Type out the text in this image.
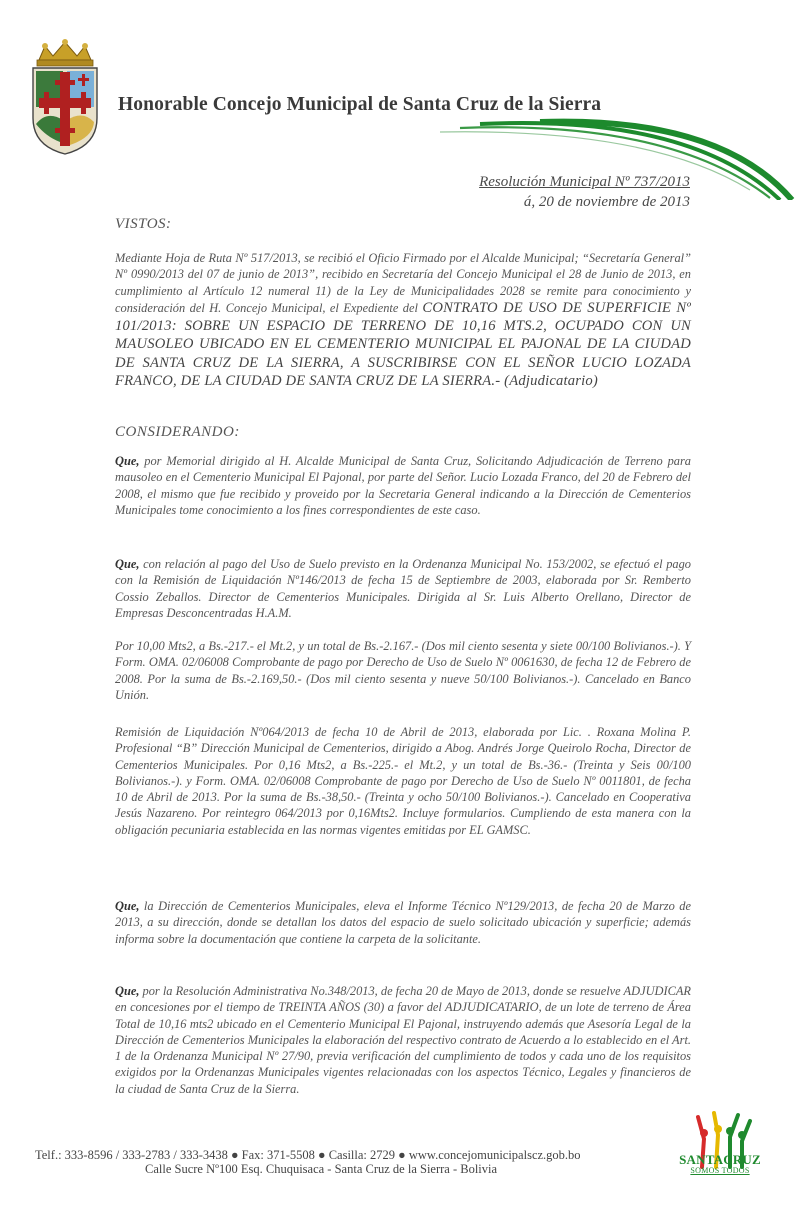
Honorable Concejo Municipal de Santa Cruz de la Sierra
Resolución Municipal Nº 737/2013
á, 20 de noviembre de 2013
VISTOS:
Mediante Hoja de Ruta Nº 517/2013, se recibió el Oficio Firmado por el Alcalde Municipal; “Secretaría General” Nº 0990/2013 del 07 de junio de 2013”, recibido en Secretaría del Concejo Municipal el 28 de Junio de 2013, en cumplimiento al Artículo 12 numeral 11) de la Ley de Municipalidades 2028 se remite para conocimiento y consideración del H. Concejo Municipal, el Expediente del CONTRATO DE USO DE SUPERFICIE Nº 101/2013: SOBRE UN ESPACIO DE TERRENO DE 10,16 MTS.2, OCUPADO CON UN MAUSOLEO UBICADO EN EL CEMENTERIO MUNICIPAL EL PAJONAL DE LA CIUDAD DE SANTA CRUZ DE LA SIERRA, A SUSCRIBIRSE CON EL SEÑOR LUCIO LOZADA FRANCO, DE LA CIUDAD DE SANTA CRUZ DE LA SIERRA.- (Adjudicatario)
CONSIDERANDO:
Que, por Memorial dirigido al H. Alcalde Municipal de Santa Cruz, Solicitando Adjudicación de Terreno para mausoleo en el Cementerio Municipal El Pajonal, por parte del Señor. Lucio Lozada Franco, del 20 de Febrero del 2008, el mismo que fue recibido y proveido por la Secretaria General indicando a la Dirección de Cementerios Municipales tome conocimiento a los fines correspondientes de este caso.
Que, con relación al pago del Uso de Suelo previsto en la Ordenanza Municipal No. 153/2002, se efectuó el pago con la Remisión de Liquidación Nº146/2013 de fecha 15 de Septiembre de 2003, elaborada por Sr. Remberto Cossio Zeballos. Director de Cementerios Municipales. Dirigida al Sr. Luis Alberto Orellano, Director de Empresas Desconcentradas H.A.M.
Por 10,00 Mts2, a Bs.-217.- el Mt.2, y un total de Bs.-2.167.- (Dos mil ciento sesenta y siete 00/100 Bolivianos.-). Y Form. OMA. 02/06008 Comprobante de pago por Derecho de Uso de Suelo Nº 0061630, de fecha 12 de Febrero de 2008. Por la suma de Bs.-2.169,50.- (Dos mil ciento sesenta y nueve 50/100 Bolivianos.-). Cancelado en Banco Unión.
Remisión de Liquidación Nº064/2013 de fecha 10 de Abril de 2013, elaborada por Lic. . Roxana Molina P. Profesional “B” Dirección Municipal de Cementerios, dirigido a Abog. Andrés Jorge Queirolo Rocha, Director de Cementerios Municipales. Por 0,16 Mts2, a Bs.-225.- el Mt.2, y un total de Bs.-36.- (Treinta y Seis 00/100 Bolivianos.-). y Form. OMA. 02/06008 Comprobante de pago por Derecho de Uso de Suelo Nº 0011801, de fecha 10 de Abril de 2013. Por la suma de Bs.-38,50.- (Treinta y ocho 50/100 Bolivianos.-). Cancelado en Cooperativa Jesús Nazareno. Por reintegro 064/2013 por 0,16Mts2. Incluye formularios. Cumpliendo de esta manera con la obligación pecuniaria establecida en las normas vigentes emitidas por EL GAMSC.
Que, la Dirección de Cementerios Municipales, eleva el Informe Técnico Nº129/2013, de fecha 20 de Marzo de 2013, a su dirección, donde se detallan los datos del espacio de suelo solicitado ubicación y superficie; además informa sobre la documentación que contiene la carpeta de la solicitante.
Que, por la Resolución Administrativa No.348/2013, de fecha 20 de Mayo de 2013, donde se resuelve ADJUDICAR en concesiones por el tiempo de TREINTA AÑOS (30) a favor del ADJUDICATARIO, de un lote de terreno de Área Total de 10,16 mts2 ubicado en el Cementerio Municipal El Pajonal, instruyendo además que Asesoría Legal de la Dirección de Cementerios Municipales la elaboración del respectivo contrato de Acuerdo a lo establecido en el Art. 1 de la Ordenanza Municipal Nº 27/90, previa verificación del cumplimiento de todos y cada uno de los requisitos exigidos por la Ordenanzas Municipales vigentes relacionadas con los aspectos Técnico, Legales y financieros de la ciudad de Santa Cruz de la Sierra.
Telf.: 333-8596 / 333-2783 / 333-3438 ● Fax: 371-5508 ● Casilla: 2729 ● www.concejomunicipalscz.gob.bo
Calle Sucre Nº100 Esq. Chuquisaca - Santa Cruz de la Sierra - Bolivia
SANTACRUZ
SOMOS TODOS
